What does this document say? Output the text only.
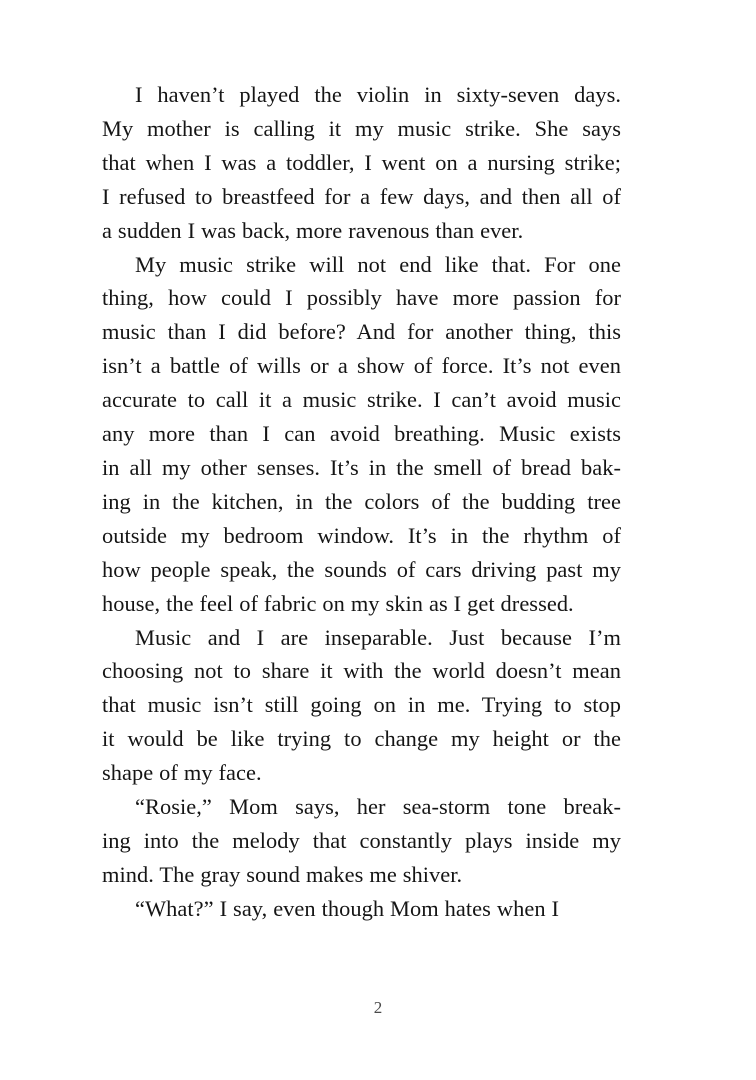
I haven’t played the violin in sixty-seven days.
My mother is calling it my music strike. She says
that when I was a toddler, I went on a nursing strike;
I refused to breastfeed for a few days, and then all of
a sudden I was back, more ravenous than ever.

My music strike will not end like that. For one
thing, how could I possibly have more passion for
music than I did before? And for another thing, this
isn’t a battle of wills or a show of force. It’s not even
accurate to call it a music strike. I can’t avoid music
any more than I can avoid breathing. Music exists
in all my other senses. It’s in the smell of bread bak-
ing in the kitchen, in the colors of the budding tree
outside my bedroom window. It’s in the rhythm of
how people speak, the sounds of cars driving past my
house, the feel of fabric on my skin as I get dressed.

Music and I are inseparable. Just because I’m
choosing not to share it with the world doesn’t mean
that music isn’t still going on in me. Trying to stop
it would be like trying to change my height or the
shape of my face.

“Rosie,” Mom says, her sea-storm tone break-
ing into the melody that constantly plays inside my
mind. The gray sound makes me shiver.

“What?” I say, even though Mom hates when I

2
